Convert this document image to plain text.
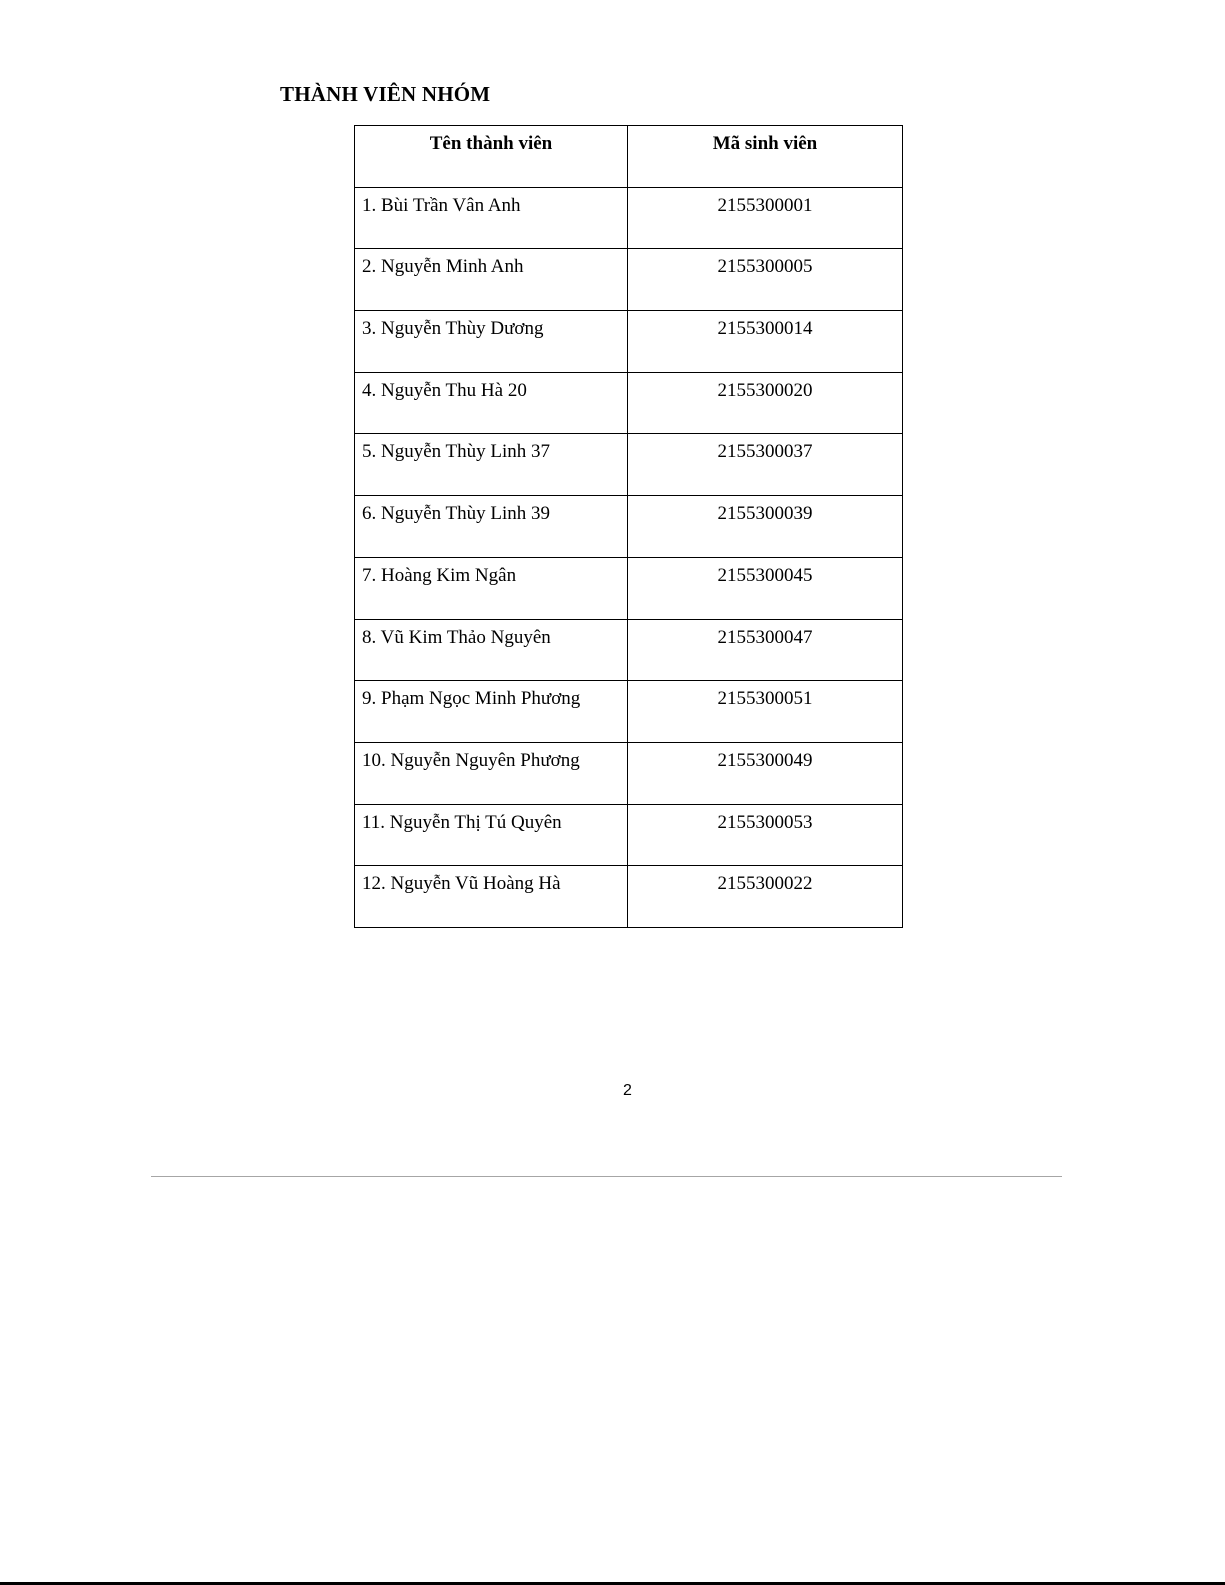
THÀNH VIÊN NHÓM
Tên thành viên	Mã sinh viên

1. Bùi Trần Vân Anh	2155300001

2. Nguyễn Minh Anh	2155300005

3. Nguyễn Thùy Dương	2155300014

4. Nguyễn Thu Hà 20	2155300020

5. Nguyễn Thùy Linh 37	2155300037

6. Nguyễn Thùy Linh 39	2155300039

7. Hoàng Kim Ngân	2155300045

8. Vũ Kim Thảo Nguyên	2155300047

9. Phạm Ngọc Minh Phương	2155300051

10. Nguyễn Nguyên Phương	2155300049

11. Nguyễn Thị Tú Quyên	2155300053

12. Nguyễn Vũ Hoàng Hà	2155300022
2
